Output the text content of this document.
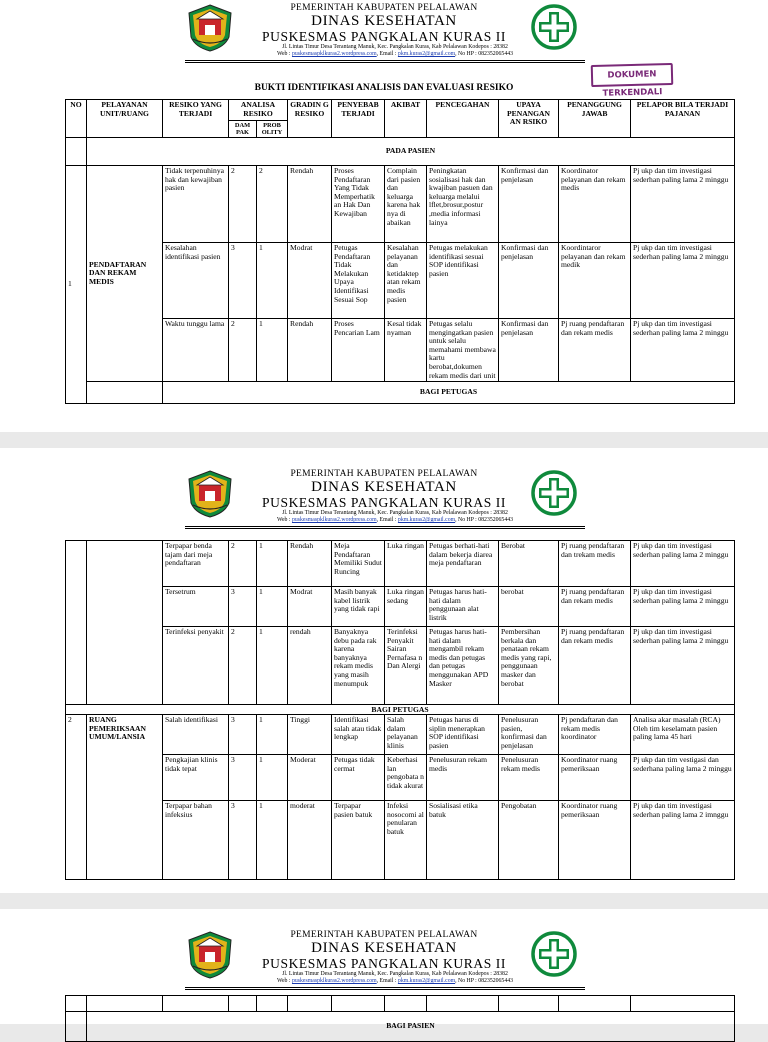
PEMERINTAH KABUPATEN PELALAWAN
DINAS KESEHATAN
PUSKESMAS PANGKALAN KURAS II
Jl. Lintas Timur Desa Terantang Manuk, Kec. Pangkalan Kuras, Kab Pelalawan Kodepos : 28382
Web : puskesmaspklkuras2.wordpress.com, Email : pkm.kuras2@gmail.com, No HP : 082352065443
DOKUMEN TERKENDALI
BUKTI IDENTIFIKASI ANALISIS DAN EVALUASI RESIKO
NO	PELAYANAN UNIT/RUANG	RESIKO YANG TERJADI	ANALISA RESIKO		GRADIN G RESIKO	PENYEBAB TERJADI	AKIBAT	PENCEGAHAN	UPAYA PENANGAN AN RSIKO	PENANGGUNG JAWAB	PELAPOR BILA TERJADI PAJANAN
			DAM PAK	PROB OLITY							
	PADA PASIEN										
1	PENDAFTARAN DAN REKAM MEDIS	Tidak terpenuhinya hak dan kewajiban pasien	2	2	Rendah	Proses Pendaftaran Yang Tidak Memperhatik an Hak Dan Kewajiban	Complain dari pasien dan keluarga karena hak nya di abaikan	Peningkatan sosialisasi hak dan kwajiban pasuen dan keluarga melalui lflet,brosur,postur ,media informasi lainya	Konfirmasi dan penjelasan	Koordinator pelayanan dan rekam medis	Pj ukp dan tim investigasi sederhan paling lama 2 minggu
		Kesalahan identifikasi pasien	3	1	Modrat	Petugas Pendaftaran Tidak Melakukan Upaya Identifikasi Sesuai Sop	Kesalahan pelayanan dan ketidaktep atan rekam medis pasien	Petugas melakukan identifikasi sesuai SOP identifikasi pasien	Konfirmasi dan penjelasan	Koordintaror pelayanan dan rekam medik	Pj ukp dan tim investigasi sederhan paling lama 2 minggu
		Waktu tunggu lama	2	1	Rendah	Proses Pencarian Lam	Kesal tidak nyaman	Petugas selalu mengingatkan pasien untuk selalu memahami membawa kartu berobat,dokumen rekam medis dari unit	Konfirmasi dan penjelasan	Pj ruang pendaftaran dan rekam medis	Pj ukp dan tim investigasi sederhan paling lama 2 minggu
		BAGI PETUGAS									
PEMERINTAH KABUPATEN PELALAWAN
DINAS KESEHATAN
PUSKESMAS PANGKALAN KURAS II
Jl. Lintas Timur Desa Terantang Manuk, Kec. Pangkalan Kuras, Kab Pelalawan Kodepos : 28382
Web : puskesmaspklkuras2.wordpress.com, Email : pkm.kuras2@gmail.com, No HP : 082352065443
		Terpapar benda tajam dari meja pendaftaran	2	1	Rendah	Meja Pendaftaran Memiliki Sudut Runcing	Luka ringan	Petugas berhati-hati dalam bekerja diarea meja pendaftaran	Berobat	Pj ruang pendaftaran dan trekam medis	Pj ukp dan tim investigasi sederhan paling lama 2 minggu
		Tersetrum	3	1	Modrat	Masih banyak kabel listrik yang tidak rapi	Luka ringan sedang	Petugas harus hati-hati dalam penggunaan alat listrik	berobat	Pj ruang pendaftaran dan rekam medis	Pj ukp dan tim investigasi sederhan paling lama 2 minggu
		Terinfeksi penyakit	2	1	rendah	Banyaknya debu pada rak karena banyaknya rekam medis yang masih menumpuk	Terinfeksi Penyakit Sairan Pernafasa n Dan Alergi	Petugas harus hati-hati dalam mengambil rekam medis dan petugas dan petugas menggunakan APD Masker	Pembersihan berkala dan penataan rekam medis yang rapi, penggunaan masker dan berobat	Pj ruang pendaftaran dan rekam medis	Pj ukp dan tim investigasi sederhan paling lama 2 minggu
BAGI PETUGAS											
2	RUANG PEMERIKSAAN UMUM/LANSIA	Salah identifikasi	3	1	Tinggi	Identifikasi salah atau tidak lengkap	Salah dalam pelayanan klinis	Petugas harus di siplin menerapkan SOP identifikasi pasien	Penelusuran pasien, konfirmasi dan penjelasan	Pj pendaftaran dan rekam medis koordinator	Analisa akar masalah (RCA) Oleh tim keselamatn pasien paling lama 45 hari
		Pengkajian klinis tidak tepat	3	1	Moderat	Petugas tidak cermat	Keberhasi lan pengobata n tidak akurat	Penelusuran rekam medis	Penelusuran rekam medis	Koordinator ruang pemeriksaan	Pj ukp dan tim vestigasi dan sederhana paling lama 2 minggu
		Terpapar bahan infeksius	3	1	moderat	Terpapar pasien batuk	Infeksi nosocomi al penularan batuk	Sosialisasi etika batuk	Pengobatan	Koordinator ruang pemeriksaan	Pj ukp dan tim investigasi sederhan paling lama 2 imnggu
PEMERINTAH KABUPATEN PELALAWAN
DINAS KESEHATAN
PUSKESMAS PANGKALAN KURAS II
Jl. Lintas Timur Desa Terantang Manuk, Kec. Pangkalan Kuras, Kab Pelalawan Kodepos : 28382
Web : puskesmaspklkuras2.wordpress.com, Email : pkm.kuras2@gmail.com, No HP : 082352065443

	BAGI PASIEN										
